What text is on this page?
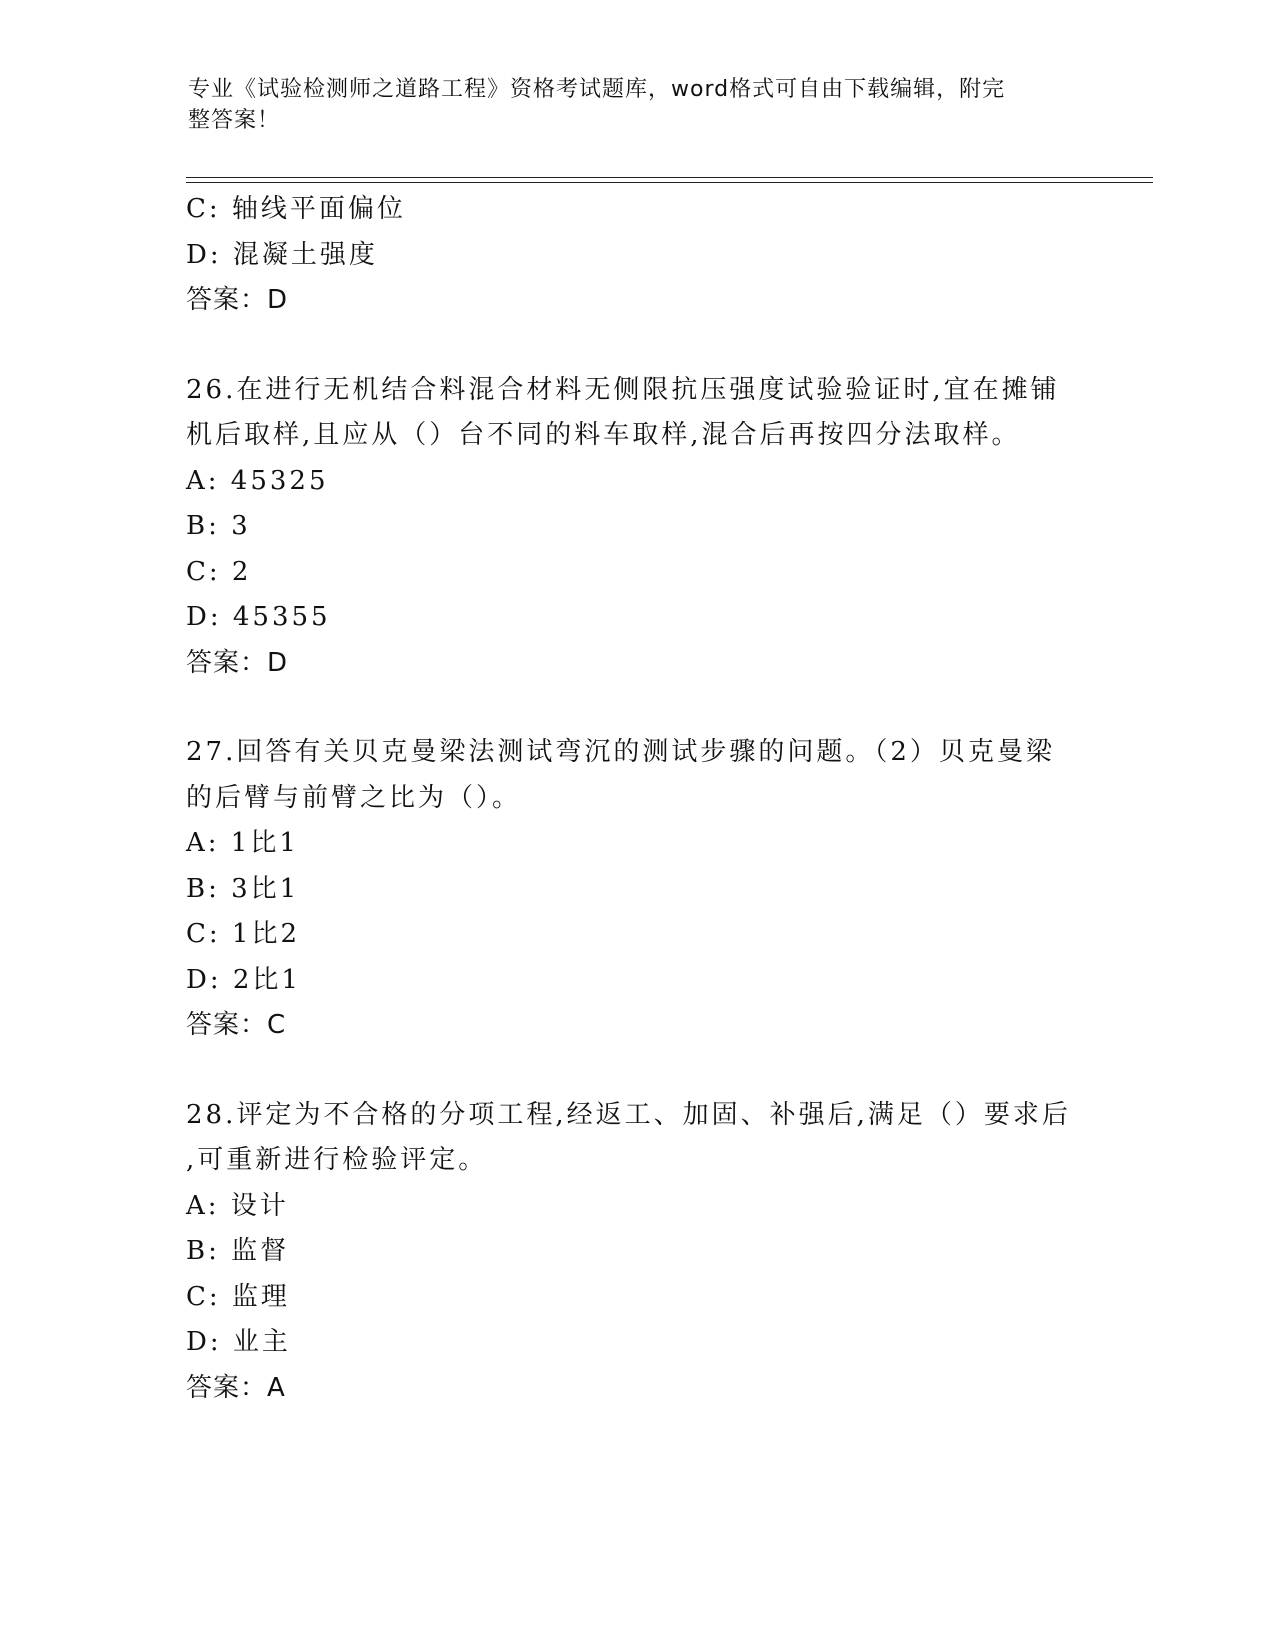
专业《试验检测师之道路工程》资格考试题库，word格式可自由下载编辑，附完
整答案！
C: 轴线平面偏位
D: 混凝土强度
答案：D
26.在进行无机结合料混合材料无侧限抗压强度试验验证时,宜在摊铺
机后取样,且应从（）台不同的料车取样,混合后再按四分法取样。
A: 45325
B: 3
C: 2
D: 45355
答案：D
27.回答有关贝克曼梁法测试弯沉的测试步骤的问题。（2）贝克曼梁
的后臂与前臂之比为（）。
A: 1比1
B: 3比1
C: 1比2
D: 2比1
答案：C
28.评定为不合格的分项工程,经返工、加固、补强后,满足（）要求后
,可重新进行检验评定。
A: 设计
B: 监督
C: 监理
D: 业主
答案：A
